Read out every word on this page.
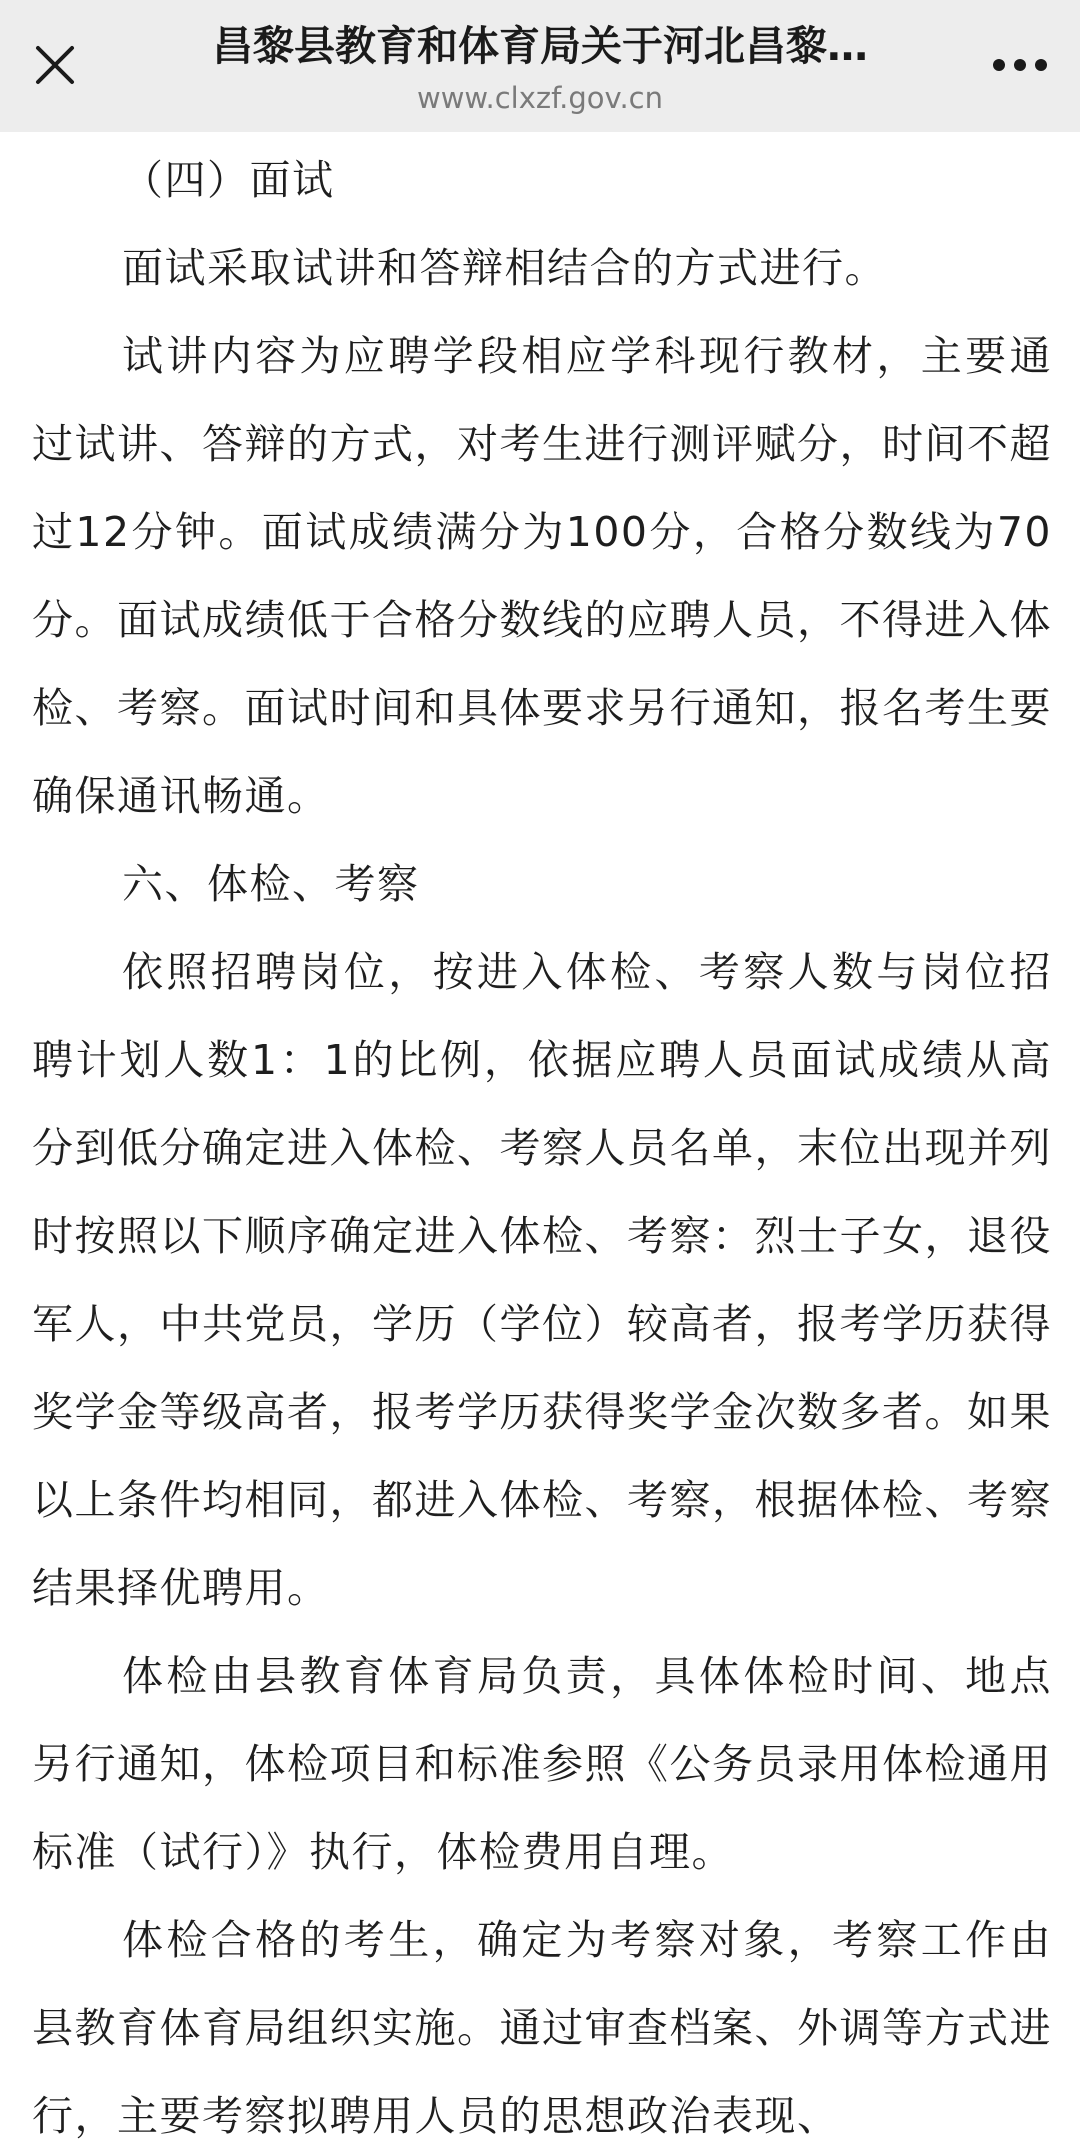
昌黎县教育和体育局关于河北昌黎…
www.clxzf.gov.cn

（四）面试

面试采取试讲和答辩相结合的方式进行。

试讲内容为应聘学段相应学科现行教材，主要通过试讲、答辩的方式，对考生进行测评赋分，时间不超过12分钟。面试成绩满分为100分，合格分数线为70分。面试成绩低于合格分数线的应聘人员，不得进入体检、考察。面试时间和具体要求另行通知，报名考生要确保通讯畅通。

六、体检、考察

依照招聘岗位，按进入体检、考察人数与岗位招聘计划人数1：1的比例，依据应聘人员面试成绩从高分到低分确定进入体检、考察人员名单，末位出现并列时按照以下顺序确定进入体检、考察：烈士子女，退役军人，中共党员，学历（学位）较高者，报考学历获得奖学金等级高者，报考学历获得奖学金次数多者。如果以上条件均相同，都进入体检、考察，根据体检、考察结果择优聘用。

体检由县教育体育局负责，具体体检时间、地点另行通知，体检项目和标准参照《公务员录用体检通用标准（试行）》执行，体检费用自理。

体检合格的考生，确定为考察对象，考察工作由县教育体育局组织实施。通过审查档案、外调等方式进行，主要考察拟聘用人员的思想政治表现、
